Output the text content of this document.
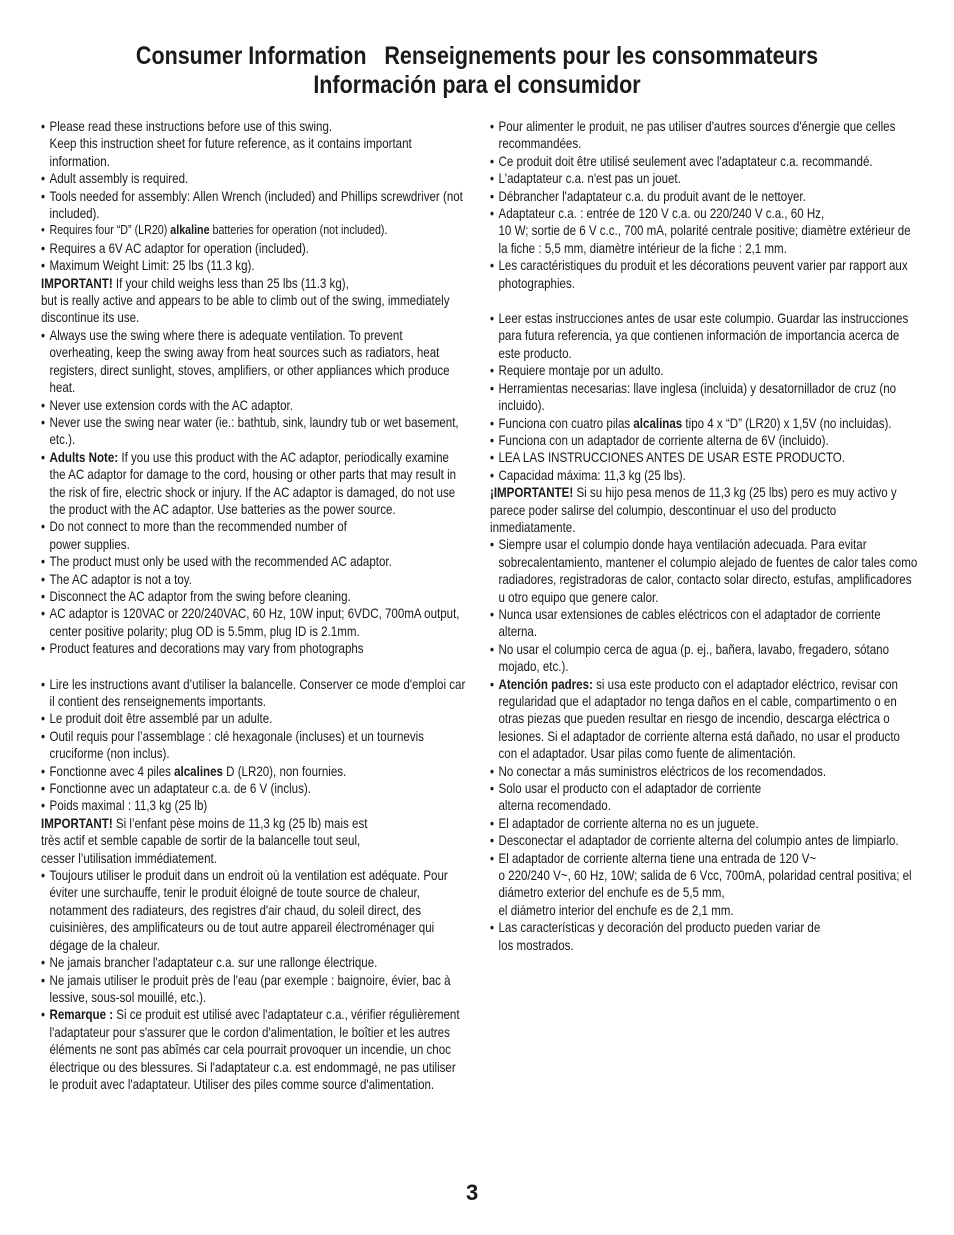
Consumer Information   Renseignements pour les consommateurs
Información para el consumidor
• Please read these instructions before use of this swing.
Keep this instruction sheet for future reference, as it contains important information.
• Adult assembly is required.
• Tools needed for assembly: Allen Wrench (included) and Phillips screwdriver (not included).
• Requires four “D” (LR20) alkaline batteries for operation (not included).
• Requires a 6V AC adaptor for operation (included).
• Maximum Weight Limit: 25 lbs (11.3 kg).
IMPORTANT! If your child weighs less than 25 lbs (11.3 kg),
but is really active and appears to be able to climb out of the swing, immediately discontinue its use.
• Always use the swing where there is adequate ventilation. To prevent overheating, keep the swing away from heat sources such as radiators, heat registers, direct sunlight, stoves, amplifiers, or other appliances which produce heat.
• Never use extension cords with the AC adaptor.
• Never use the swing near water (ie.: bathtub, sink, laundry tub or wet basement, etc.).
• Adults Note: If you use this product with the AC adaptor, periodically examine the AC adaptor for damage to the cord, housing or other parts that may result in the risk of fire, electric shock or injury. If the AC adaptor is damaged, do not use the product with the AC adaptor. Use batteries as the power source.
• Do not connect to more than the recommended number of
power supplies.
• The product must only be used with the recommended AC adaptor.
• The AC adaptor is not a toy.
• Disconnect the AC adaptor from the swing before cleaning.
• AC adaptor is 120VAC or 220/240VAC, 60 Hz, 10W input; 6VDC, 700mA output, center positive polarity; plug OD is 5.5mm, plug ID is 2.1mm.
• Product features and decorations may vary from photographs
• Lire les instructions avant d’utiliser la balancelle. Conserver ce mode d'emploi car il contient des renseignements importants.
• Le produit doit être assemblé par un adulte.
• Outil requis pour l’assemblage : clé hexagonale (incluses) et un tournevis cruciforme (non inclus).
• Fonctionne avec 4 piles alcalines D (LR20), non fournies.
• Fonctionne avec un adaptateur c.a. de 6 V (inclus).
• Poids maximal : 11,3 kg (25 lb)
IMPORTANT! Si l’enfant pèse moins de 11,3 kg (25 lb) mais est
très actif et semble capable de sortir de la balancelle tout seul,
cesser l’utilisation immédiatement.
• Toujours utiliser le produit dans un endroit où la ventilation est adéquate. Pour éviter une surchauffe, tenir le produit éloigné de toute source de chaleur, notamment des radiateurs, des registres d'air chaud, du soleil direct, des cuisinières, des amplificateurs ou de tout autre appareil électroménager qui dégage de la chaleur.
• Ne jamais brancher l'adaptateur c.a. sur une rallonge électrique.
• Ne jamais utiliser le produit près de l'eau (par exemple : baignoire, évier, bac à lessive, sous-sol mouillé, etc.).
• Remarque : Si ce produit est utilisé avec l'adaptateur c.a., vérifier régulièrement l'adaptateur pour s'assurer que le cordon d'alimentation, le boîtier et les autres éléments ne sont pas abîmés car cela pourrait provoquer un incendie, un choc électrique ou des blessures. Si l'adaptateur c.a. est endommagé, ne pas utiliser le produit avec l'adaptateur. Utiliser des piles comme source d'alimentation.
• Pour alimenter le produit, ne pas utiliser d'autres sources d'énergie que celles recommandées.
• Ce produit doit être utilisé seulement avec l'adaptateur c.a. recommandé.
• L'adaptateur c.a. n'est pas un jouet.
• Débrancher l'adaptateur c.a. du produit avant de le nettoyer.
• Adaptateur c.a. : entrée de 120 V c.a. ou 220/240 V c.a., 60 Hz,
10 W; sortie de 6 V c.c., 700 mA, polarité centrale positive; diamètre extérieur de la fiche : 5,5 mm, diamètre intérieur de la fiche : 2,1 mm.
• Les caractéristiques du produit et les décorations peuvent varier par rapport aux photographies.
• Leer estas instrucciones antes de usar este columpio. Guardar las instrucciones para futura referencia, ya que contienen información de importancia acerca de este producto.
• Requiere montaje por un adulto.
• Herramientas necesarias: llave inglesa (incluida) y desatornillador de cruz (no incluido).
• Funciona con cuatro pilas alcalinas tipo 4 x “D” (LR20) x 1,5V (no incluidas).
• Funciona con un adaptador de corriente alterna de 6V (incluido).
• LEA LAS INSTRUCCIONES ANTES DE USAR ESTE PRODUCTO.
• Capacidad máxima: 11,3 kg (25 lbs).
¡IMPORTANTE! Si su hijo pesa menos de 11,3 kg (25 lbs) pero es muy activo y parece poder salirse del columpio, descontinuar el uso del producto inmediatamente.
• Siempre usar el columpio donde haya ventilación adecuada. Para evitar sobrecalentamiento, mantener el columpio alejado de fuentes de calor tales como radiadores, registradoras de calor, contacto solar directo, estufas, amplificadores u otro equipo que genere calor.
• Nunca usar extensiones de cables eléctricos con el adaptador de corriente alterna.
• No usar el columpio cerca de agua (p. ej., bañera, lavabo, fregadero, sótano mojado, etc.).
• Atención padres: si usa este producto con el adaptador eléctrico, revisar con regularidad que el adaptador no tenga daños en el cable, compartimento o en otras piezas que pueden resultar en riesgo de incendio, descarga eléctrica o lesiones. Si el adaptador de corriente alterna está dañado, no usar el producto con el adaptador. Usar pilas como fuente de alimentación.
• No conectar a más suministros eléctricos de los recomendados.
• Solo usar el producto con el adaptador de corriente
alterna recomendado.
• El adaptador de corriente alterna no es un juguete.
• Desconectar el adaptador de corriente alterna del columpio antes de limpiarlo.
• El adaptador de corriente alterna tiene una entrada de 120 V~
o 220/240 V~, 60 Hz, 10W; salida de 6 Vcc, 700mA, polaridad central positiva; el diámetro exterior del enchufe es de 5,5 mm,
el diámetro interior del enchufe es de 2,1 mm.
• Las características y decoración del producto pueden variar de
los mostrados.
3
